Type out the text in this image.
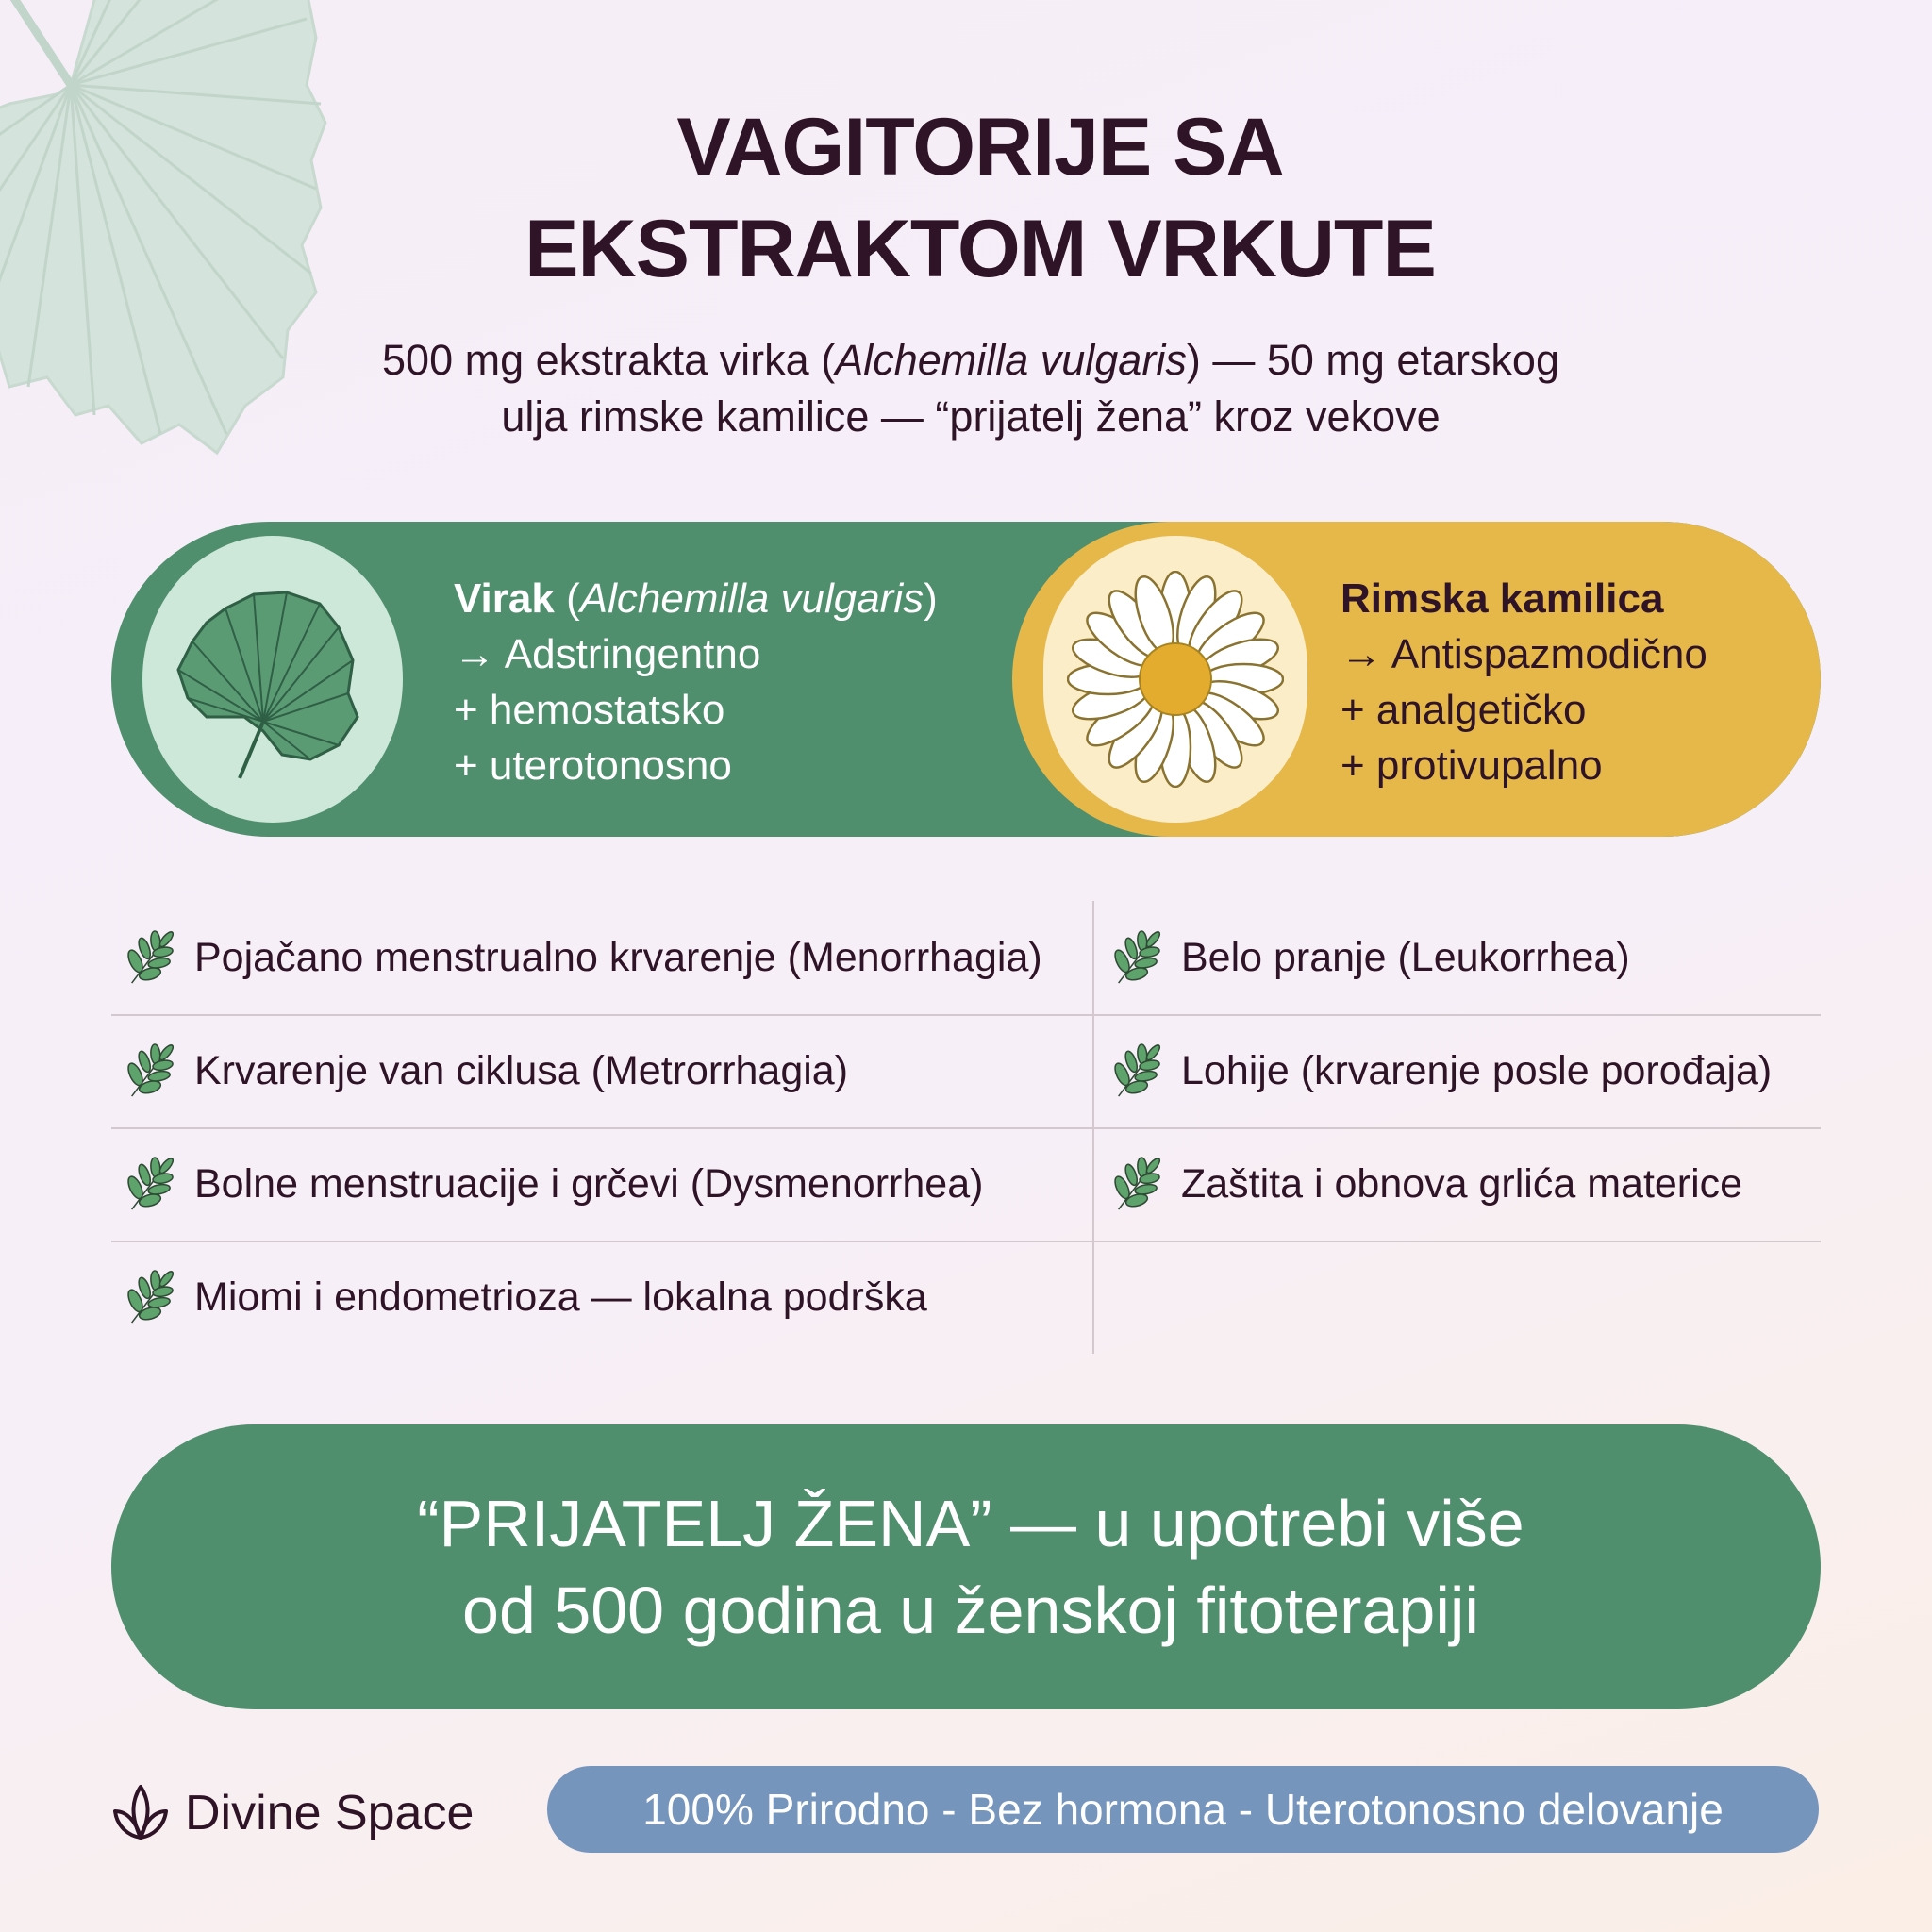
VAGITORIJE SA
EKSTRAKTOM VRKUTE
500 mg ekstrakta virka (Alchemilla vulgaris) — 50 mg etarskog
ulja rimske kamilice — “prijatelj žena” kroz vekove
Virak (Alchemilla vulgaris)
→ Adstringentno
+ hemostatsko
+ uterotonosno
Rimska kamilica
→ Antispazmodično
+ analgetičko
+ protivupalno
Pojačano menstrualno krvarenje (Menorrhagia)
Krvarenje van ciklusa (Metrorrhagia)
Bolne menstruacije i grčevi (Dysmenorrhea)
Miomi i endometrioza — lokalna podrška
Belo pranje (Leukorrhea)
Lohije (krvarenje posle porođaja)
Zaštita i obnova grlića materice
“PRIJATELJ ŽENA” — u upotrebi više
od 500 godina u ženskoj fitoterapiji
Divine Space	100% Prirodno - Bez hormona - Uterotonosno delovanje
